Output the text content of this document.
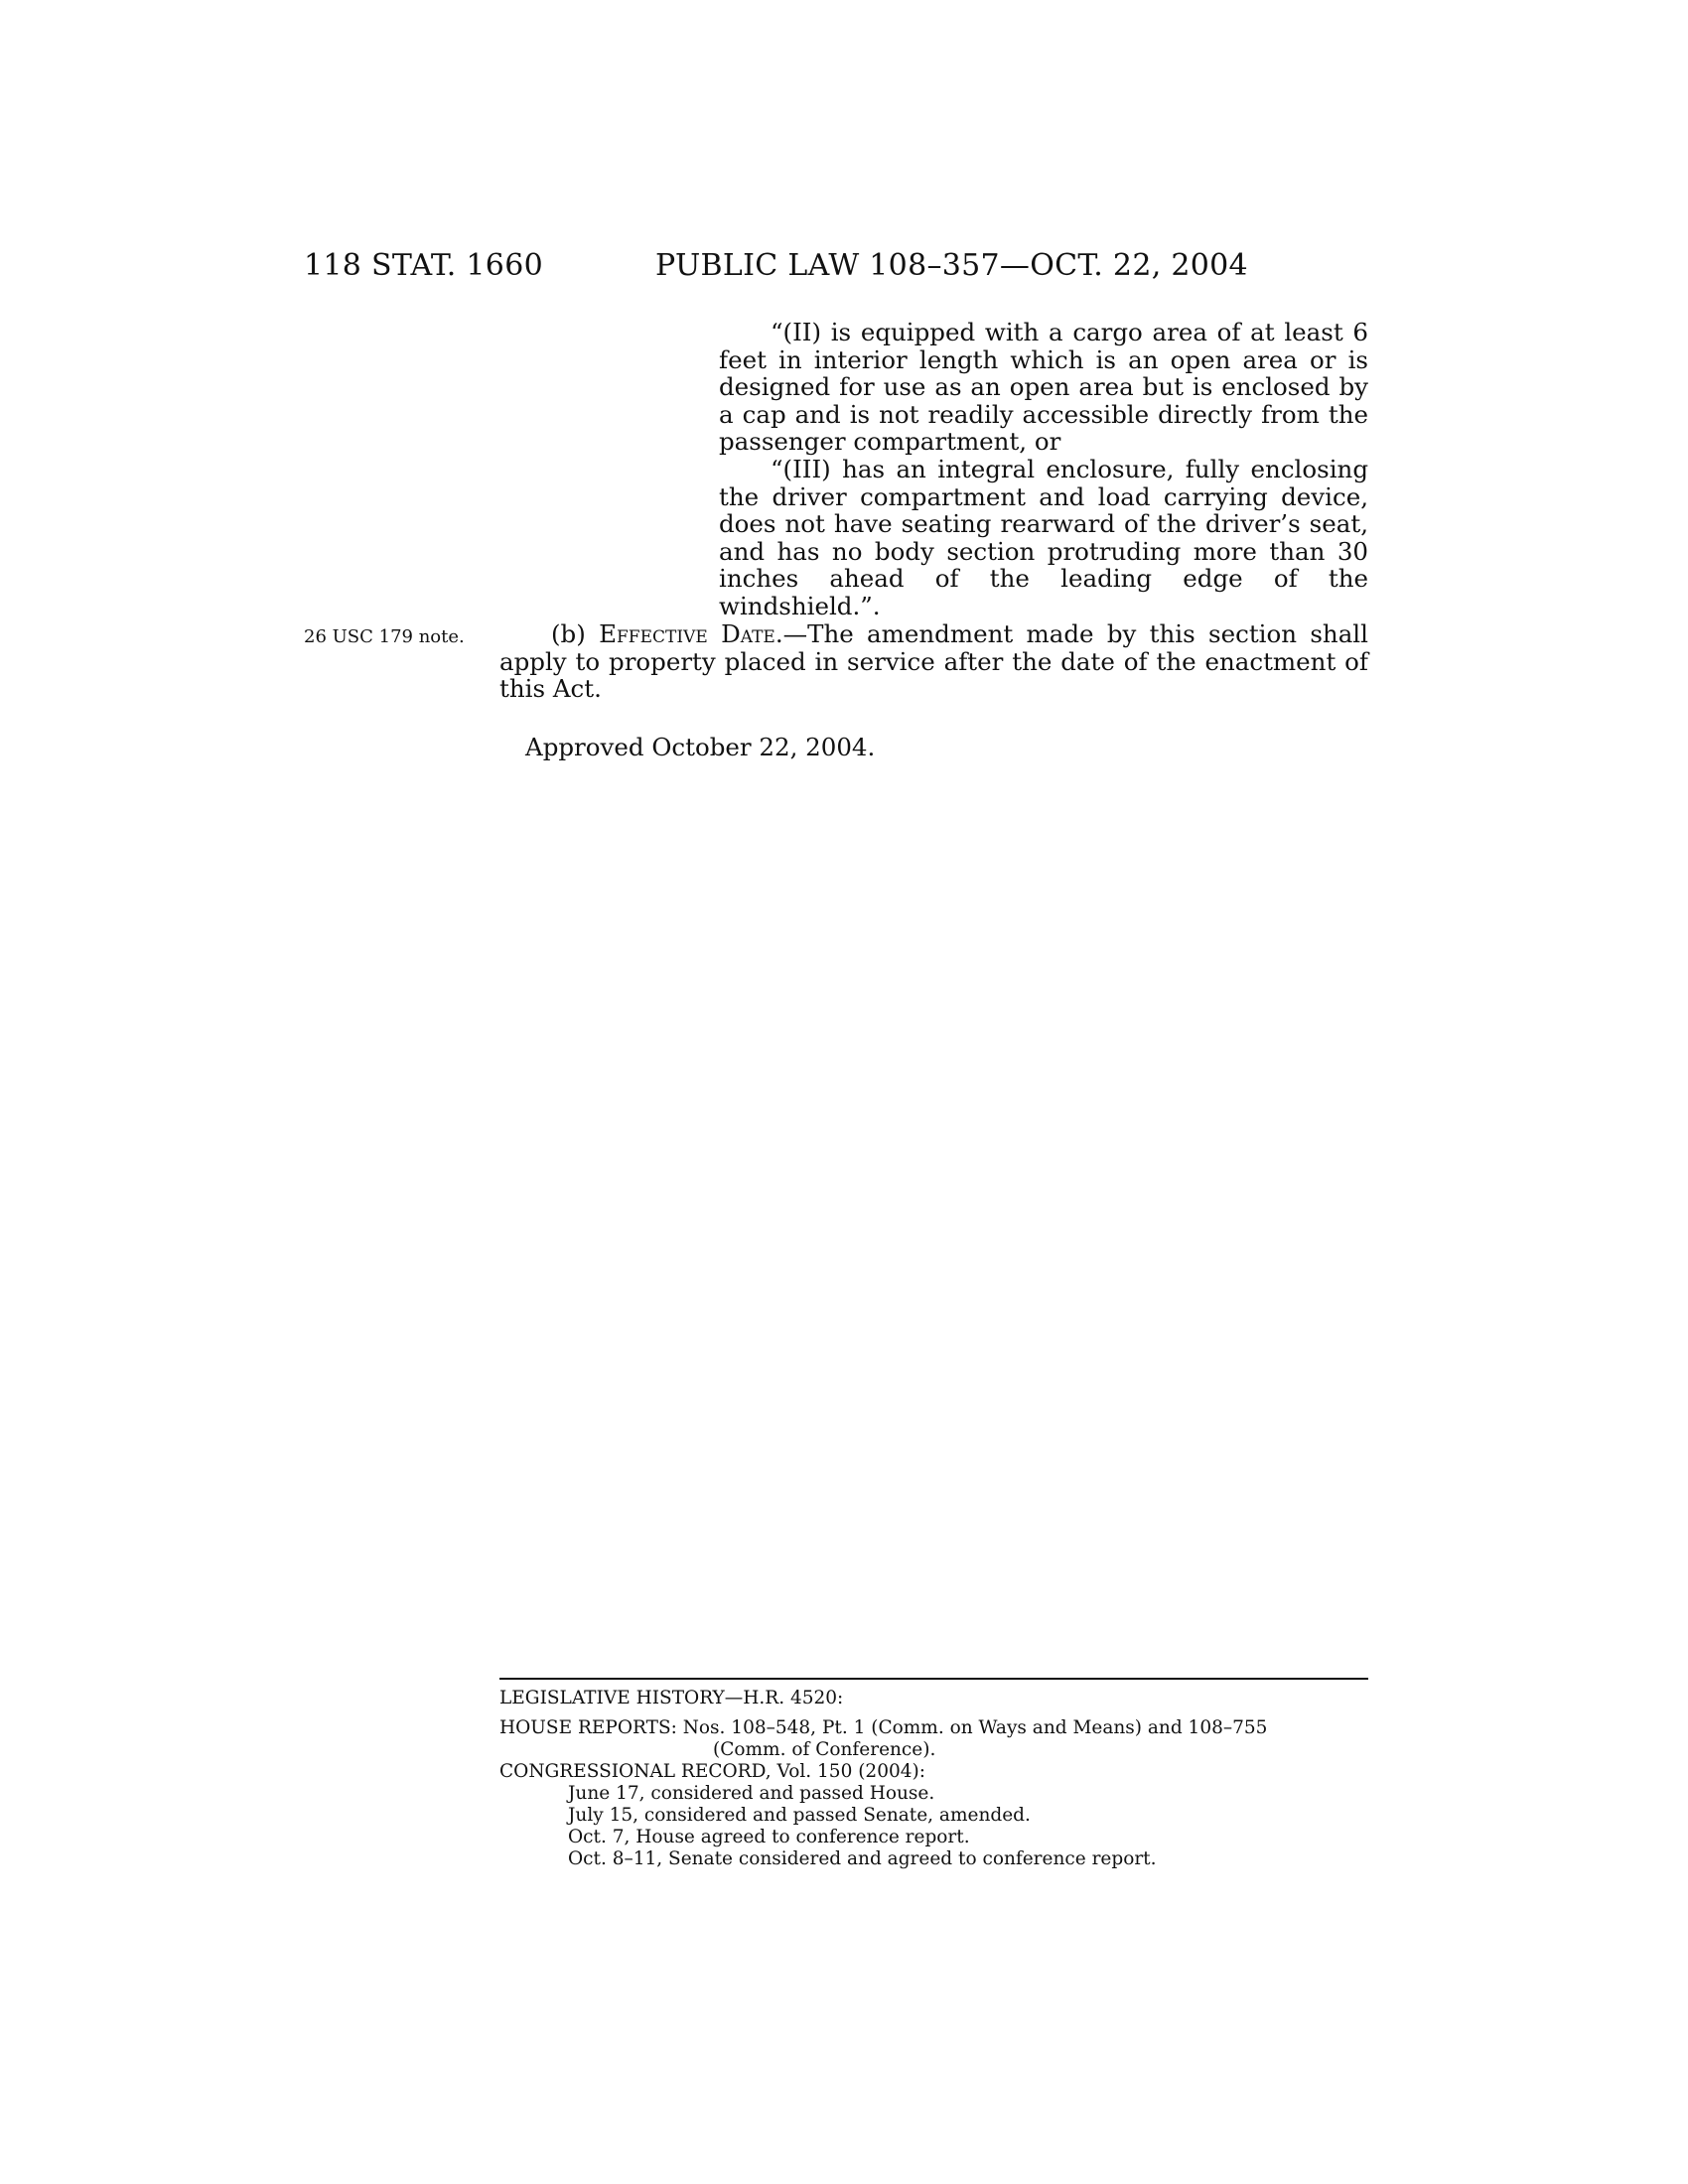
118 STAT. 1660	PUBLIC LAW 108–357—OCT. 22, 2004
“(II) is equipped with a cargo area of at least 6 feet in interior length which is an open area or is designed for use as an open area but is enclosed by a cap and is not readily accessible directly from the passenger compartment, or
“(III) has an integral enclosure, fully enclosing the driver compartment and load carrying device, does not have seating rearward of the driver’s seat, and has no body section protruding more than 30 inches ahead of the leading edge of the windshield.”.
26 USC 179 note.	(b) Effective Date.—The amendment made by this section shall apply to property placed in service after the date of the enactment of this Act.
Approved October 22, 2004.
LEGISLATIVE HISTORY—H.R. 4520:
HOUSE REPORTS: Nos. 108–548, Pt. 1 (Comm. on Ways and Means) and 108–755
(Comm. of Conference).
CONGRESSIONAL RECORD, Vol. 150 (2004):
June 17, considered and passed House.
July 15, considered and passed Senate, amended.
Oct. 7, House agreed to conference report.
Oct. 8–11, Senate considered and agreed to conference report.
